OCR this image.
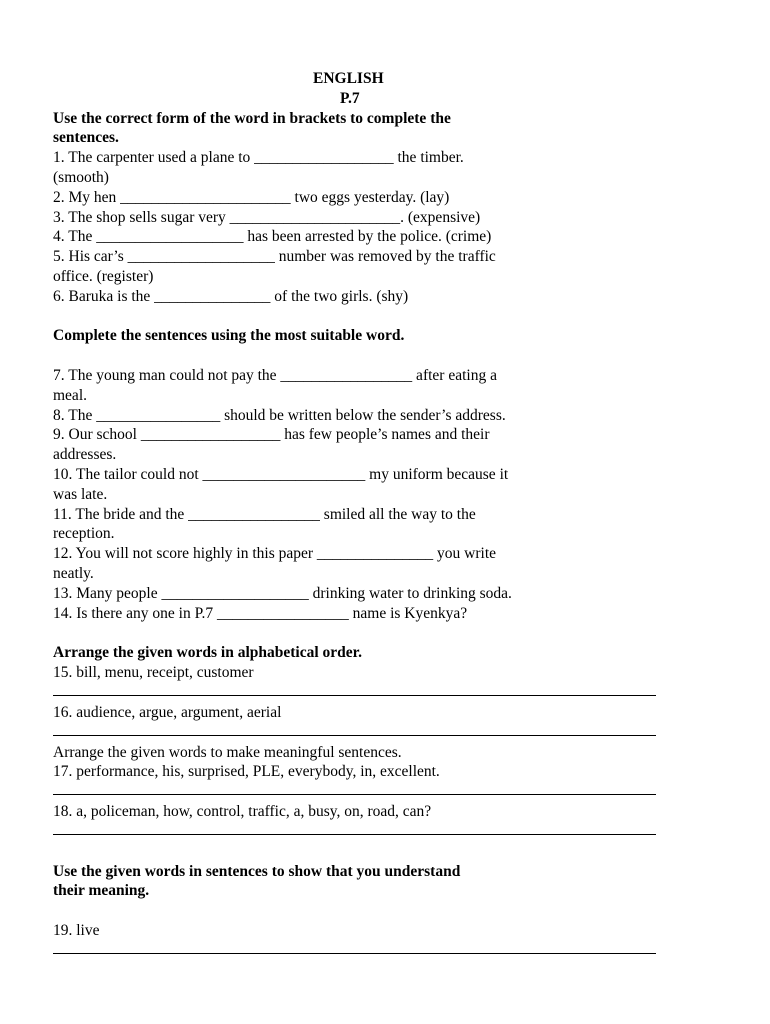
ENGLISH
P.7
Use the correct form of the word in brackets to complete the
sentences.
1. The carpenter used a plane to __________________ the timber.
(smooth)
2. My hen ______________________ two eggs yesterday. (lay)
3. The shop sells sugar very ______________________. (expensive)
4. The ___________________ has been arrested by the police. (crime)
5. His car’s ___________________ number was removed by the traffic
office. (register)
6. Baruka is the _______________ of the two girls. (shy)
Complete the sentences using the most suitable word.
7. The young man could not pay the _________________ after eating a
meal.
8. The ________________ should be written below the sender’s address.
9. Our school __________________ has few people’s names and their
addresses.
10. The tailor could not _____________________ my uniform because it
was late.
11. The bride and the _________________ smiled all the way to the
reception.
12. You will not score highly in this paper _______________ you write
neatly.
13. Many people ___________________ drinking water to drinking soda.
14. Is there any one in P.7 _________________ name is Kyenkya?
Arrange the given words in alphabetical order.
15. bill, menu, receipt, customer
16. audience, argue, argument, aerial
Arrange the given words to make meaningful sentences.
17. performance, his, surprised, PLE, everybody, in, excellent.
18. a, policeman, how, control, traffic, a, busy, on, road, can?
Use the given words in sentences to show that you understand
their meaning.
19. live
